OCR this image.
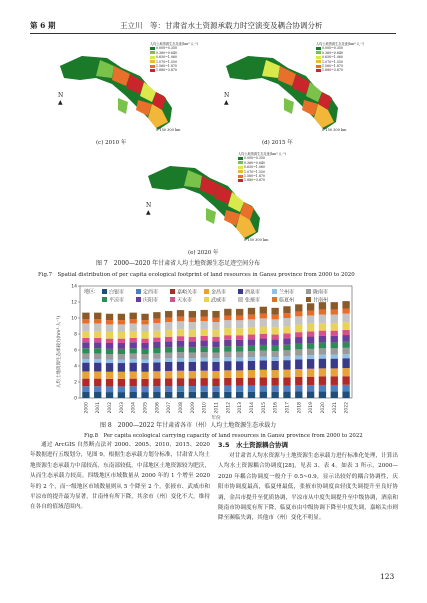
第 6 期	王立川　等：甘肃省水土资源承载力时空演变及耦合协调分析
N
▲
人均土地资源生态足迹(hm²·人⁻¹)
0.000~0.350
0.360~0.640
0.650~1.060
1.070~1.550
1.560~1.870
1.880~3.870
0 150 300 km
(c) 2010 年
N
▲
人均土地资源生态足迹(hm²·人⁻¹)
0.000~0.350
0.360~0.640
0.650~1.060
1.070~1.550
1.560~1.870
1.880~3.870
0 150 300 km
(d) 2015 年
N
▲
人均土地资源生态足迹(hm²·人⁻¹)
0.000~0.350
0.360~0.640
0.650~1.060
1.070~1.550
1.560~1.870
1.880~3.870
0 150 300 km
(e) 2020 年
图 7　2000—2020 年甘肃省人均土地资源生态足迹空间分布
Fig.7　Spatial distribution of per capita ecological footprint of land resources in Gansu province from 2000 to 2020
0
2
4
6
8
10
12
14
人均土地资源生态承载力(hm²·人⁻¹)
2000 2001 2002 2003 2004 2005 2006 2007 2008 2009 2010 2011 2012 2013 2014 2015 2016 2017 2018 2019 2020 2021 2022
年份
地区:	白银市	定西市	嘉峪关市	金昌市	酒泉市	兰州市	陇南市
平凉市	庆阳市	天水市	武威市	张掖市	临夏州	甘南州
图 8　2000—2022 年甘肃省各市（州）人均土地资源生态承载力
Fig.8　Per capita ecological carrying capacity of land resources in Gansu province from 2000 to 2022
通过 ArcGIS 自然断点法对 2000、2005、2010、2015、2020 年数据进行五级划分，见图 9。根据生态承载力划分标准，甘肃省人均土地资源生态承载力中部较高、东南部较低。中部地区土地资源较为肥沃，从而生态承载力较高。四级地区市域数量从 2000 年的 1 个增至 2020 年的 2 个，而一级地区市域数量则从 5 个降至 2 个。张掖市、武威市和平凉市的提升最为显著，甘南州有所下降，其余市（州）变化不大，维持在各自的值域范围内。
3.5　水土资源耦合协调
对甘肃省人均水资源与土地资源生态承载力进行标准化处理，计算出人均水土资源耦合协调度[28]，见表 3、表 4。如表 3 所示，2000—2020 年耦合协调度一般介于 0.5~0.9，显示出较好的耦合协调性，庆阳市协调度最高，临夏州最低，张掖市协调度由轻度失调提升至良好协调，金昌市提升至优质协调，平凉市从中度失调提升至中级协调，酒泉和陇南市协调度有所下降，临夏市由中级协调下降至中度失调，嘉峪关市则降至濒临失调，其他市（州）变化不明显。
123
